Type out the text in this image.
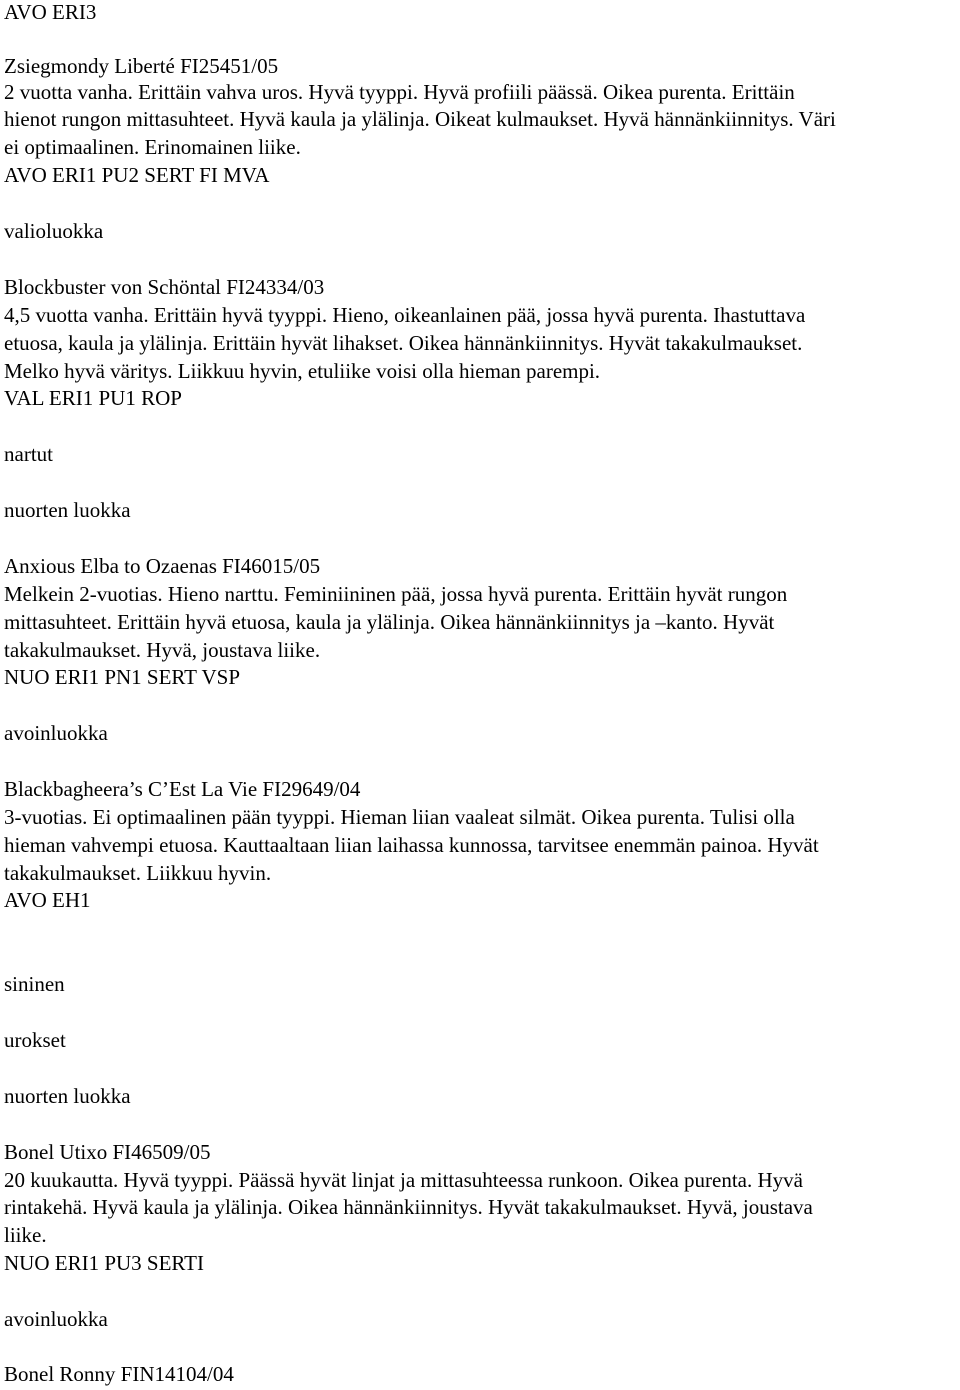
AVO ERI3
Zsiegmondy Liberté FI25451/05
2 vuotta vanha. Erittäin vahva uros. Hyvä tyyppi. Hyvä profiili päässä. Oikea purenta. Erittäin
hienot rungon mittasuhteet. Hyvä kaula ja ylälinja. Oikeat kulmaukset. Hyvä hännänkiinnitys. Väri
ei optimaalinen. Erinomainen liike.
AVO ERI1 PU2 SERT FI MVA
valioluokka
Blockbuster von Schöntal FI24334/03
4,5 vuotta vanha. Erittäin hyvä tyyppi. Hieno, oikeanlainen pää, jossa hyvä purenta. Ihastuttava
etuosa, kaula ja ylälinja. Erittäin hyvät lihakset. Oikea hännänkiinnitys. Hyvät takakulmaukset.
Melko hyvä väritys. Liikkuu hyvin, etuliike voisi olla hieman parempi.
VAL ERI1 PU1 ROP
nartut
nuorten luokka
Anxious Elba to Ozaenas FI46015/05
Melkein 2-vuotias. Hieno narttu. Feminiininen pää, jossa hyvä purenta. Erittäin hyvät rungon
mittasuhteet. Erittäin hyvä etuosa, kaula ja ylälinja. Oikea hännänkiinnitys ja –kanto. Hyvät
takakulmaukset. Hyvä, joustava liike.
NUO ERI1 PN1 SERT VSP
avoinluokka
Blackbagheera’s C’Est La Vie FI29649/04
3-vuotias. Ei optimaalinen pään tyyppi. Hieman liian vaaleat silmät. Oikea purenta. Tulisi olla
hieman vahvempi etuosa. Kauttaaltaan liian laihassa kunnossa, tarvitsee enemmän painoa. Hyvät
takakulmaukset. Liikkuu hyvin.
AVO EH1
sininen
urokset
nuorten luokka
Bonel Utixo FI46509/05
20 kuukautta. Hyvä tyyppi. Päässä hyvät linjat ja mittasuhteessa runkoon. Oikea purenta. Hyvä
rintakehä. Hyvä kaula ja ylälinja. Oikea hännänkiinnitys. Hyvät takakulmaukset. Hyvä, joustava
liike.
NUO ERI1 PU3 SERTI
avoinluokka
Bonel Ronny FIN14104/04
